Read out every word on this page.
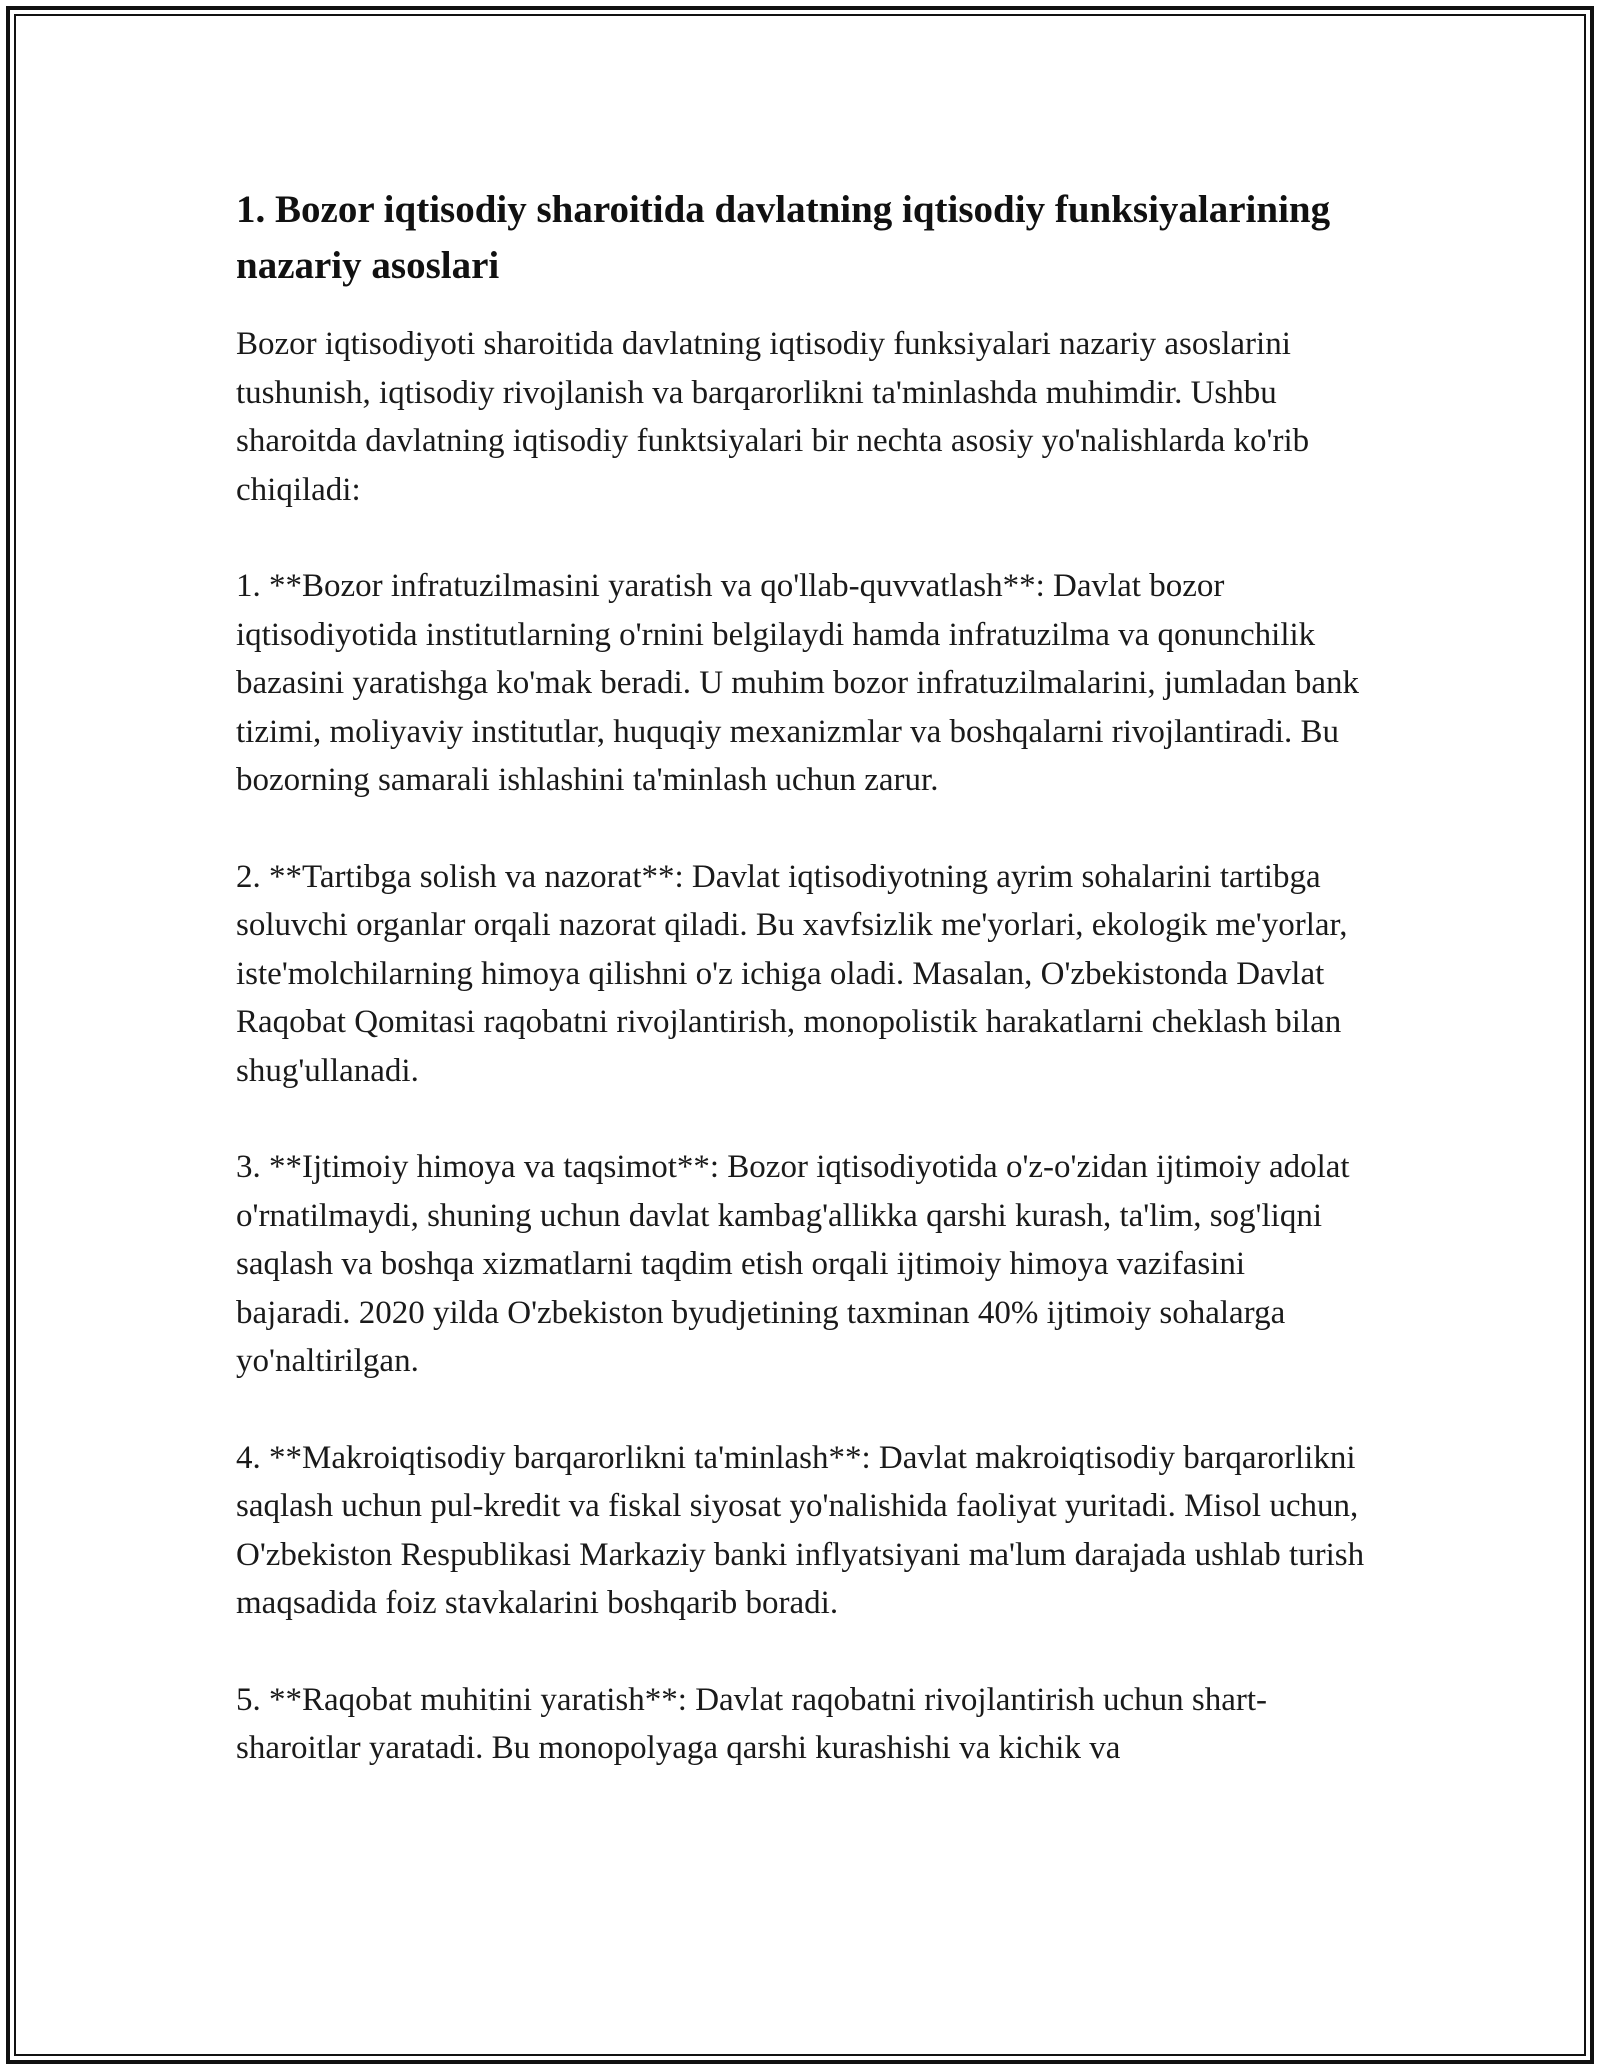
1. Bozor iqtisodiy sharoitida davlatning iqtisodiy funksiyalarining nazariy asoslari

Bozor iqtisodiyoti sharoitida davlatning iqtisodiy funksiyalari nazariy asoslarini tushunish, iqtisodiy rivojlanish va barqarorlikni ta'minlashda muhimdir. Ushbu sharoitda davlatning iqtisodiy funktsiyalari bir nechta asosiy yo'nalishlarda ko'rib chiqiladi:

1. **Bozor infratuzilmasini yaratish va qo'llab-quvvatlash**: Davlat bozor iqtisodiyotida institutlarning o'rnini belgilaydi hamda infratuzilma va qonunchilik bazasini yaratishga ko'mak beradi. U muhim bozor infratuzilmalarini, jumladan bank tizimi, moliyaviy institutlar, huquqiy mexanizmlar va boshqalarni rivojlantiradi. Bu bozorning samarali ishlashini ta'minlash uchun zarur.

2. **Tartibga solish va nazorat**: Davlat iqtisodiyotning ayrim sohalarini tartibga soluvchi organlar orqali nazorat qiladi. Bu xavfsizlik me'yorlari, ekologik me'yorlar, iste'molchilarning himoya qilishni o'z ichiga oladi. Masalan, O'zbekistonda Davlat Raqobat Qomitasi raqobatni rivojlantirish, monopolistik harakatlarni cheklash bilan shug'ullanadi.

3. **Ijtimoiy himoya va taqsimot**: Bozor iqtisodiyotida o'z-o'zidan ijtimoiy adolat o'rnatilmaydi, shuning uchun davlat kambag'allikka qarshi kurash, ta'lim, sog'liqni saqlash va boshqa xizmatlarni taqdim etish orqali ijtimoiy himoya vazifasini bajaradi. 2020 yilda O'zbekiston byudjetining taxminan 40% ijtimoiy sohalarga yo'naltirilgan.

4. **Makroiqtisodiy barqarorlikni ta'minlash**: Davlat makroiqtisodiy barqarorlikni saqlash uchun pul-kredit va fiskal siyosat yo'nalishida faoliyat yuritadi. Misol uchun, O'zbekiston Respublikasi Markaziy banki inflyatsiyani ma'lum darajada ushlab turish maqsadida foiz stavkalarini boshqarib boradi.

5. **Raqobat muhitini yaratish**: Davlat raqobatni rivojlantirish uchun shart-sharoitlar yaratadi. Bu monopolyaga qarshi kurashishi va kichik va
